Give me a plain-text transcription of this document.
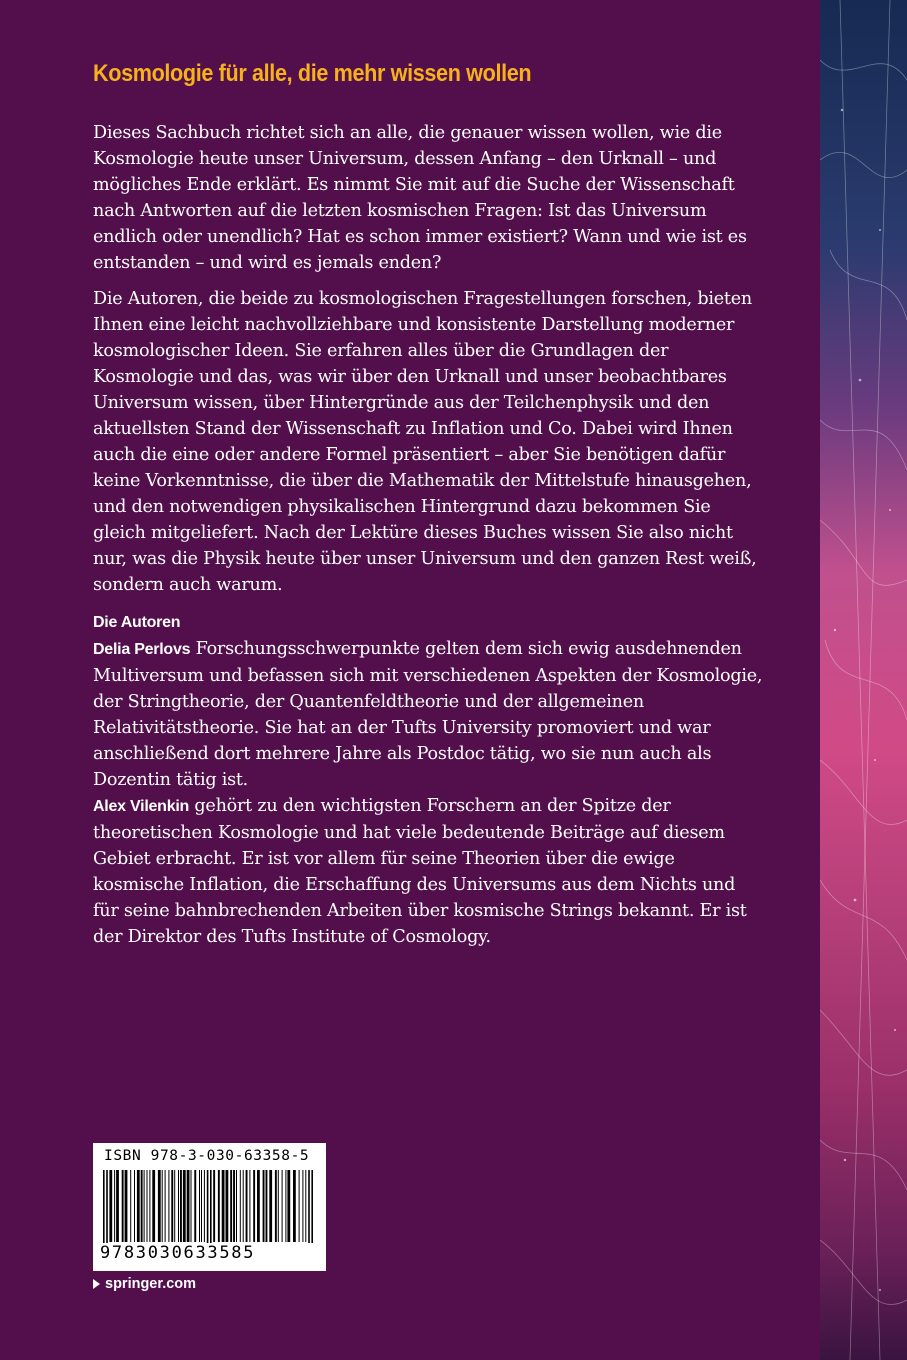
Kosmologie für alle, die mehr wissen wollen

Dieses Sachbuch richtet sich an alle, die genauer wissen wollen, wie die Kosmologie heute unser Universum, dessen Anfang – den Urknall – und mögliches Ende erklärt. Es nimmt Sie mit auf die Suche der Wissenschaft nach Antworten auf die letzten kosmischen Fragen: Ist das Universum endlich oder unendlich? Hat es schon immer existiert? Wann und wie ist es entstanden – und wird es jemals enden?

Die Autoren, die beide zu kosmologischen Fragestellungen forschen, bieten Ihnen eine leicht nachvollziehbare und konsistente Darstellung moderner kosmologischer Ideen. Sie erfahren alles über die Grundlagen der Kosmologie und das, was wir über den Urknall und unser beobachtbares Universum wissen, über Hintergründe aus der Teilchenphysik und den aktuellsten Stand der Wissenschaft zu Inflation und Co. Dabei wird Ihnen auch die eine oder andere Formel präsentiert – aber Sie benötigen dafür keine Vorkenntnisse, die über die Mathematik der Mittelstufe hinausgehen, und den notwendigen physikalischen Hintergrund dazu bekommen Sie gleich mitgeliefert. Nach der Lektüre dieses Buches wissen Sie also nicht nur, was die Physik heute über unser Universum und den ganzen Rest weiß, sondern auch warum.

Die Autoren

Delia Perlovs Forschungsschwerpunkte gelten dem sich ewig ausdehnenden Multiversum und befassen sich mit verschiedenen Aspekten der Kosmologie, der Stringtheorie, der Quantenfeldtheorie und der allgemeinen Relativitätstheorie. Sie hat an der Tufts University promoviert und war anschließend dort mehrere Jahre als Postdoc tätig, wo sie nun auch als Dozentin tätig ist.

Alex Vilenkin gehört zu den wichtigsten Forschern an der Spitze der theoretischen Kosmologie und hat viele bedeutende Beiträge auf diesem Gebiet erbracht. Er ist vor allem für seine Theorien über die ewige kosmische Inflation, die Erschaffung des Universums aus dem Nichts und für seine bahnbrechenden Arbeiten über kosmische Strings bekannt. Er ist der Direktor des Tufts Institute of Cosmology.

ISBN 978-3-030-63358-5

9783030633585
springer.com
